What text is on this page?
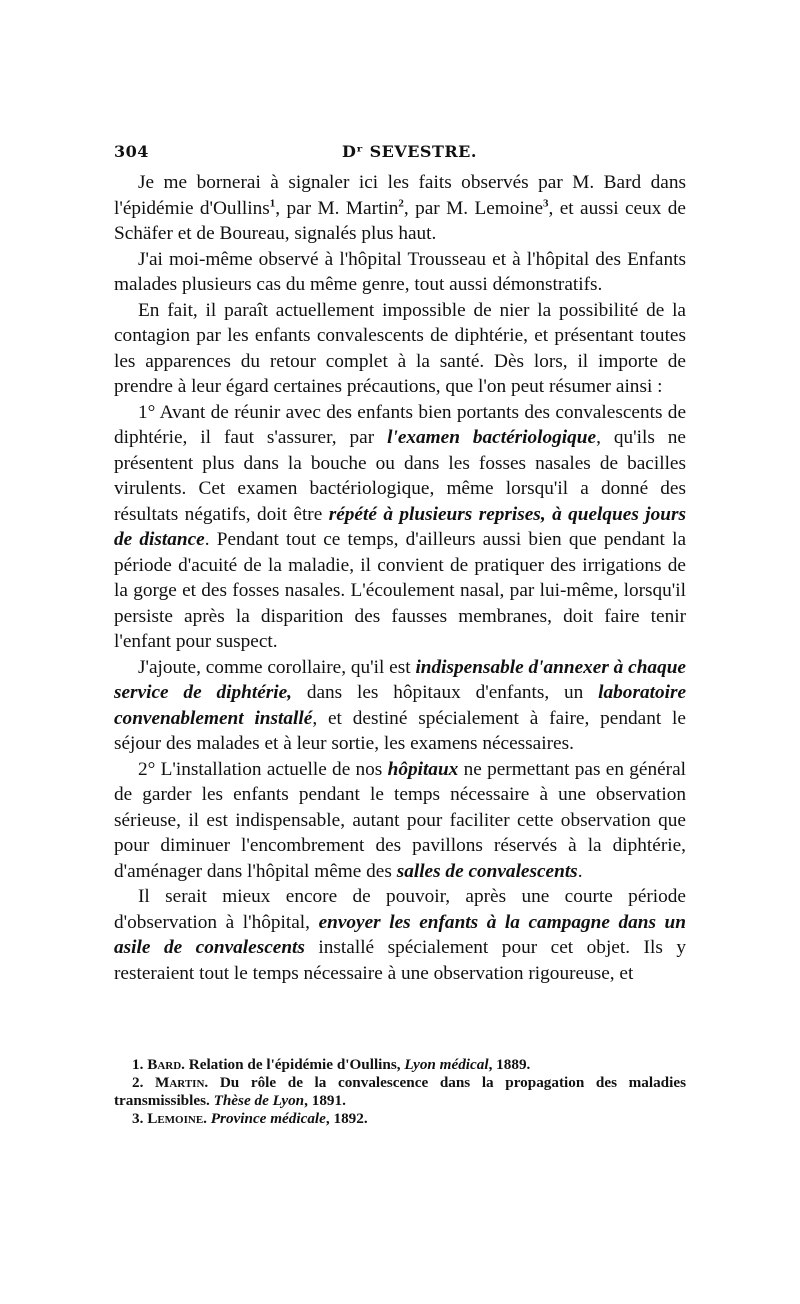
304	Dʳ SEVESTRE.

Je me bornerai à signaler ici les faits observés par M. Bard dans l'épidémie d'Oullins$^1$, par M. Martin$^2$, par M. Lemoine$^3$, et aussi ceux de Schäfer et de Boureau, signalés plus haut.

J'ai moi-même observé à l'hôpital Trousseau et à l'hôpital des Enfants malades plusieurs cas du même genre, tout aussi démonstratifs.

En fait, il paraît actuellement impossible de nier la possibilité de la contagion par les enfants convalescents de diphtérie, et présentant toutes les apparences du retour complet à la santé. Dès lors, il importe de prendre à leur égard certaines précautions, que l'on peut résumer ainsi :

1° Avant de réunir avec des enfants bien portants des convalescents de diphtérie, il faut s'assurer, par l'examen bactériologique, qu'ils ne présentent plus dans la bouche ou dans les fosses nasales de bacilles virulents. Cet examen bactériologique, même lorsqu'il a donné des résultats négatifs, doit être répété à plusieurs reprises, à quelques jours de distance. Pendant tout ce temps, d'ailleurs aussi bien que pendant la période d'acuité de la maladie, il convient de pratiquer des irrigations de la gorge et des fosses nasales. L'écoulement nasal, par lui-même, lorsqu'il persiste après la disparition des fausses membranes, doit faire tenir l'enfant pour suspect.

J'ajoute, comme corollaire, qu'il est indispensable d'annexer à chaque service de diphtérie, dans les hôpitaux d'enfants, un laboratoire convenablement installé, et destiné spécialement à faire, pendant le séjour des malades et à leur sortie, les examens nécessaires.

2° L'installation actuelle de nos hôpitaux ne permettant pas en général de garder les enfants pendant le temps nécessaire à une observation sérieuse, il est indispensable, autant pour faciliter cette observation que pour diminuer l'encombrement des pavillons réservés à la diphtérie, d'aménager dans l'hôpital même des salles de convalescents.

Il serait mieux encore de pouvoir, après une courte période d'observation à l'hôpital, envoyer les enfants à la campagne dans un asile de convalescents installé spécialement pour cet objet. Ils y resteraient tout le temps nécessaire à une observation rigoureuse, et

1. Bard. Relation de l'épidémie d'Oullins, Lyon médical, 1889.

2. Martin. Du rôle de la convalescence dans la propagation des maladies transmissibles. Thèse de Lyon, 1891.

3. Lemoine. Province médicale, 1892.
